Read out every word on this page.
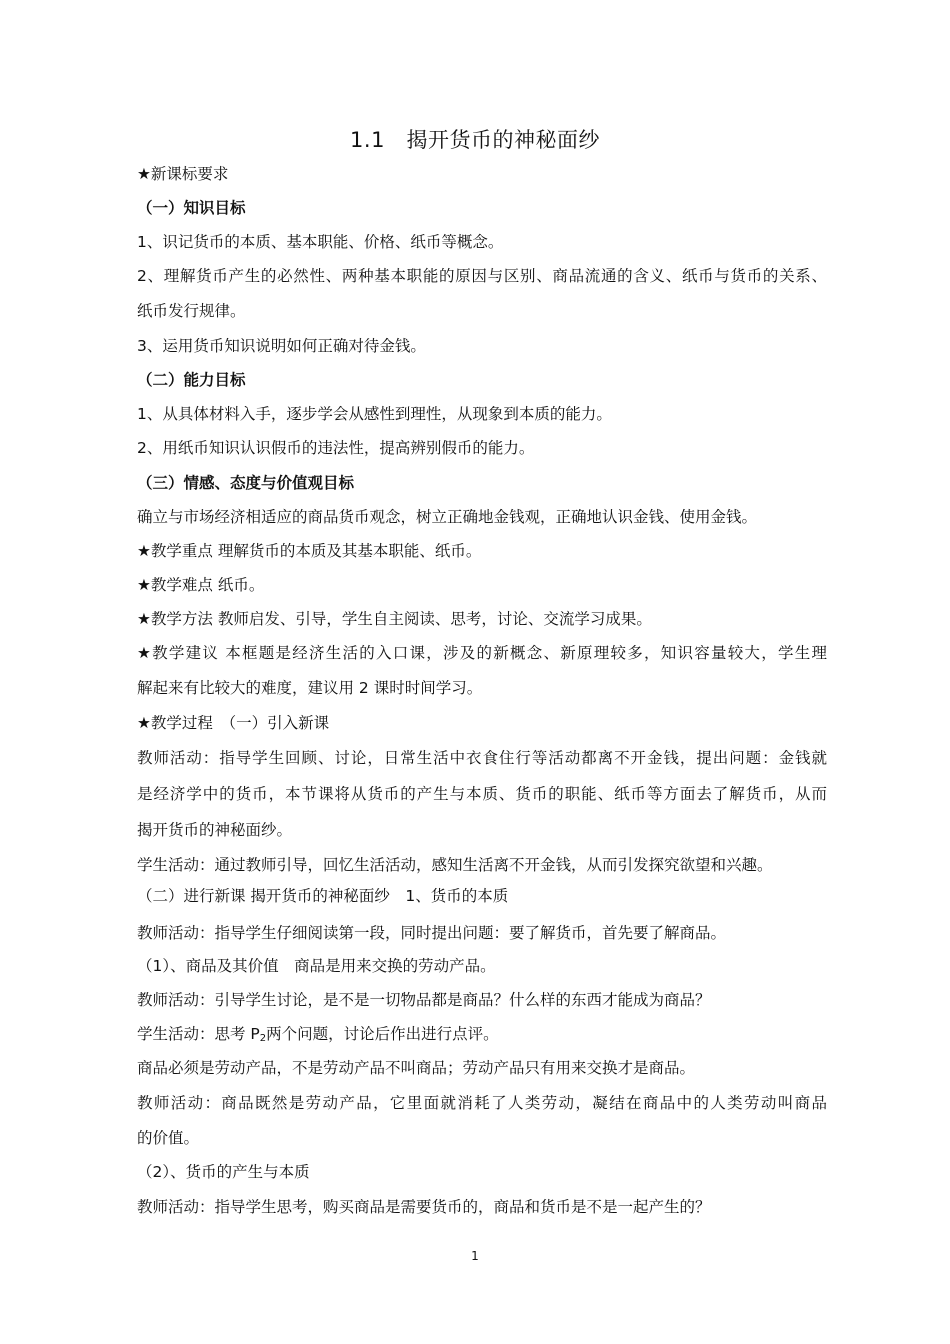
1.1　揭开货币的神秘面纱
★新课标要求
（一）知识目标
1、识记货币的本质、基本职能、价格、纸币等概念。
2、理解货币产生的必然性、两种基本职能的原因与区别、商品流通的含义、纸币与货币的关系、
纸币发行规律。
3、运用货币知识说明如何正确对待金钱。
（二）能力目标
1、从具体材料入手，逐步学会从感性到理性，从现象到本质的能力。
2、用纸币知识认识假币的违法性，提高辨别假币的能力。
（三）情感、态度与价值观目标
确立与市场经济相适应的商品货币观念，树立正确地金钱观，正确地认识金钱、使用金钱。
★教学重点 理解货币的本质及其基本职能、纸币。
★教学难点 纸币。
★教学方法 教师启发、引导，学生自主阅读、思考，讨论、交流学习成果。
★教学建议 本框题是经济生活的入口课，涉及的新概念、新原理较多，知识容量较大，学生理
解起来有比较大的难度，建议用 2 课时时间学习。
★教学过程　（一）引入新课
教师活动：指导学生回顾、讨论，日常生活中衣食住行等活动都离不开金钱，提出问题：金钱就
是经济学中的货币，本节课将从货币的产生与本质、货币的职能、纸币等方面去了解货币，从而
揭开货币的神秘面纱。
学生活动：通过教师引导，回忆生活活动，感知生活离不开金钱，从而引发探究欲望和兴趣。
（二）进行新课 揭开货币的神秘面纱　1、货币的本质
教师活动：指导学生仔细阅读第一段，同时提出问题：要了解货币，首先要了解商品。
（1）、商品及其价值　商品是用来交换的劳动产品。
教师活动：引导学生讨论，是不是一切物品都是商品？什么样的东西才能成为商品？
学生活动：思考 $P_2$两个问题，讨论后作出进行点评。
商品必须是劳动产品，不是劳动产品不叫商品；劳动产品只有用来交换才是商品。
教师活动：商品既然是劳动产品，它里面就消耗了人类劳动，凝结在商品中的人类劳动叫商品
的价值。
（2）、货币的产生与本质
教师活动：指导学生思考，购买商品是需要货币的，商品和货币是不是一起产生的？
1
